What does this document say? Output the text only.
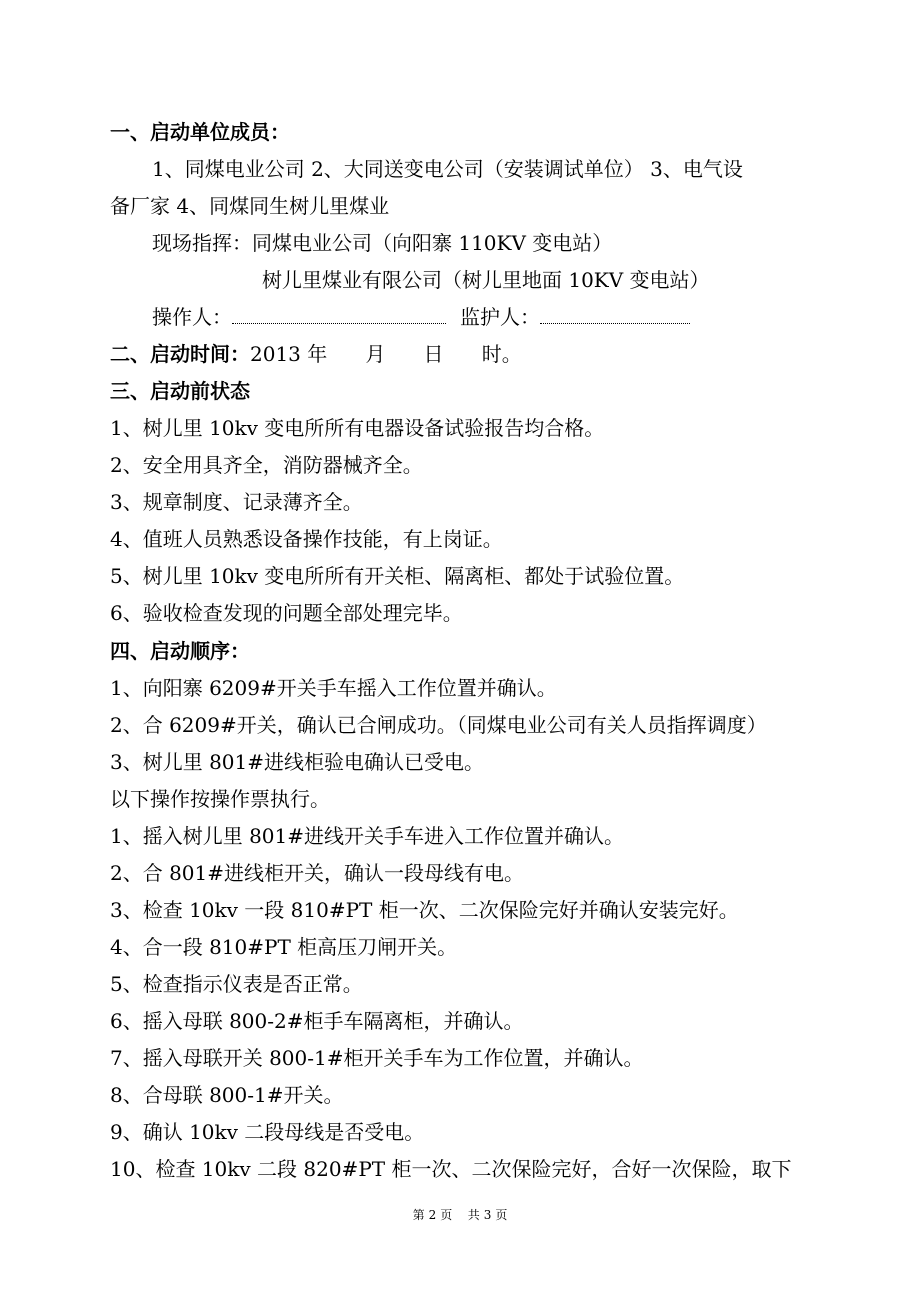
一、启动单位成员：
1、同煤电业公司 2、大同送变电公司（安装调试单位） 3、电气设
备厂家 4、同煤同生树儿里煤业
现场指挥：同煤电业公司（向阳寨 110KV 变电站）
树儿里煤业有限公司（树儿里地面 10KV 变电站）
操作人：	监护人：
二、启动时间：2013 年      月      日      时。
三、启动前状态
1、树儿里 10kv 变电所所有电器设备试验报告均合格。
2、安全用具齐全，消防器械齐全。
3、规章制度、记录薄齐全。
4、值班人员熟悉设备操作技能，有上岗证。
5、树儿里 10kv 变电所所有开关柜、隔离柜、都处于试验位置。
6、验收检查发现的问题全部处理完毕。
四、启动顺序：
1、向阳寨 6209#开关手车摇入工作位置并确认。
2、合 6209#开关，确认已合闸成功。（同煤电业公司有关人员指挥调度）
3、树儿里 801#进线柜验电确认已受电。
以下操作按操作票执行。
1、摇入树儿里 801#进线开关手车进入工作位置并确认。
2、合 801#进线柜开关，确认一段母线有电。
3、检查 10kv 一段 810#PT 柜一次、二次保险完好并确认安装完好。
4、合一段 810#PT 柜高压刀闸开关。
5、检查指示仪表是否正常。
6、摇入母联 800-2#柜手车隔离柜，并确认。
7、摇入母联开关 800-1#柜开关手车为工作位置，并确认。
8、合母联 800-1#开关。
9、确认 10kv 二段母线是否受电。
10、检查 10kv 二段 820#PT 柜一次、二次保险完好，合好一次保险，取下
第 2 页 共 3 页
